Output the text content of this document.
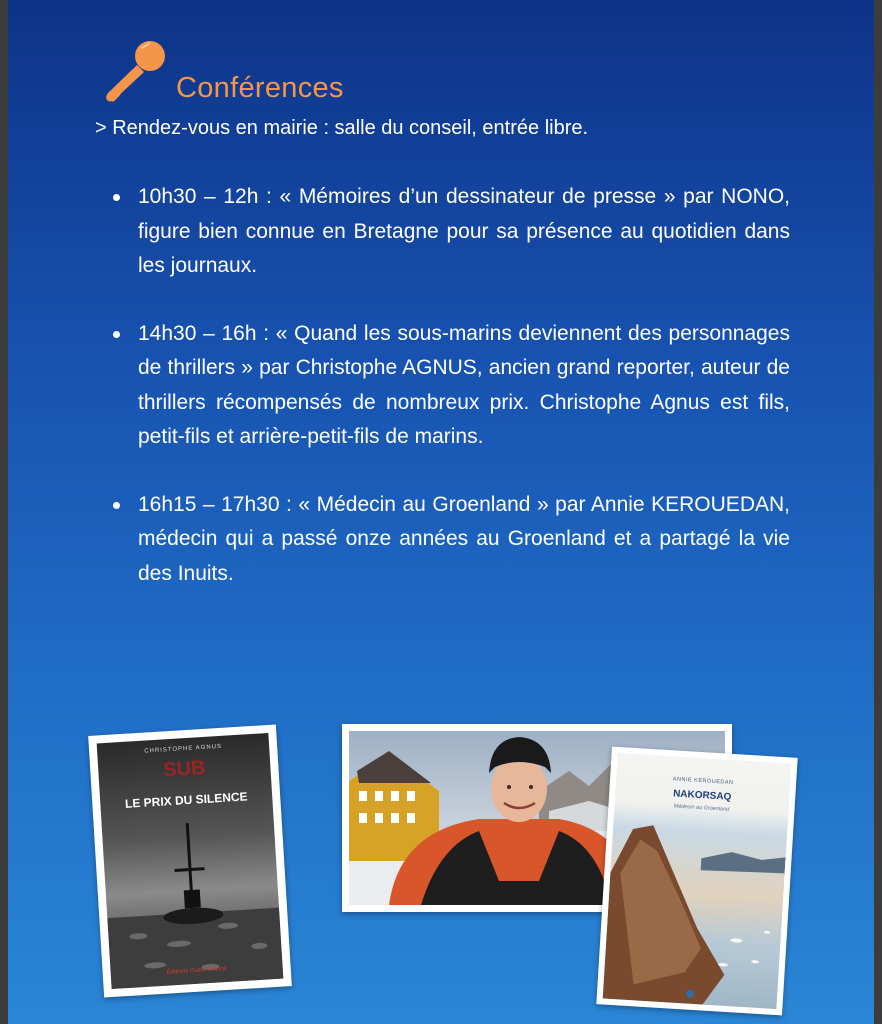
Conférences
> Rendez-vous en mairie : salle du conseil, entrée libre.
10h30 – 12h : « Mémoires d’un dessinateur de presse » par NONO, figure bien connue en Bretagne pour sa présence au quotidien dans les journaux.
14h30 – 16h : « Quand les sous-marins deviennent des personnages de thrillers » par Christophe AGNUS, ancien grand reporter, auteur de thrillers récompensés de nombreux prix. Christophe Agnus est fils, petit-fils et arrière-petit-fils de marins.
16h15 – 17h30 : « Médecin au Groenland » par Annie KEROUEDAN, médecin qui a passé onze années au Groenland et a partagé la vie des Inuits.
CHRISTOPHE AGNUS
SUB
LE PRIX DU SILENCE
Éditions Ouest-France
ANNIE KEROUEDAN
NAKORSAQ
Médecin au Groenland
